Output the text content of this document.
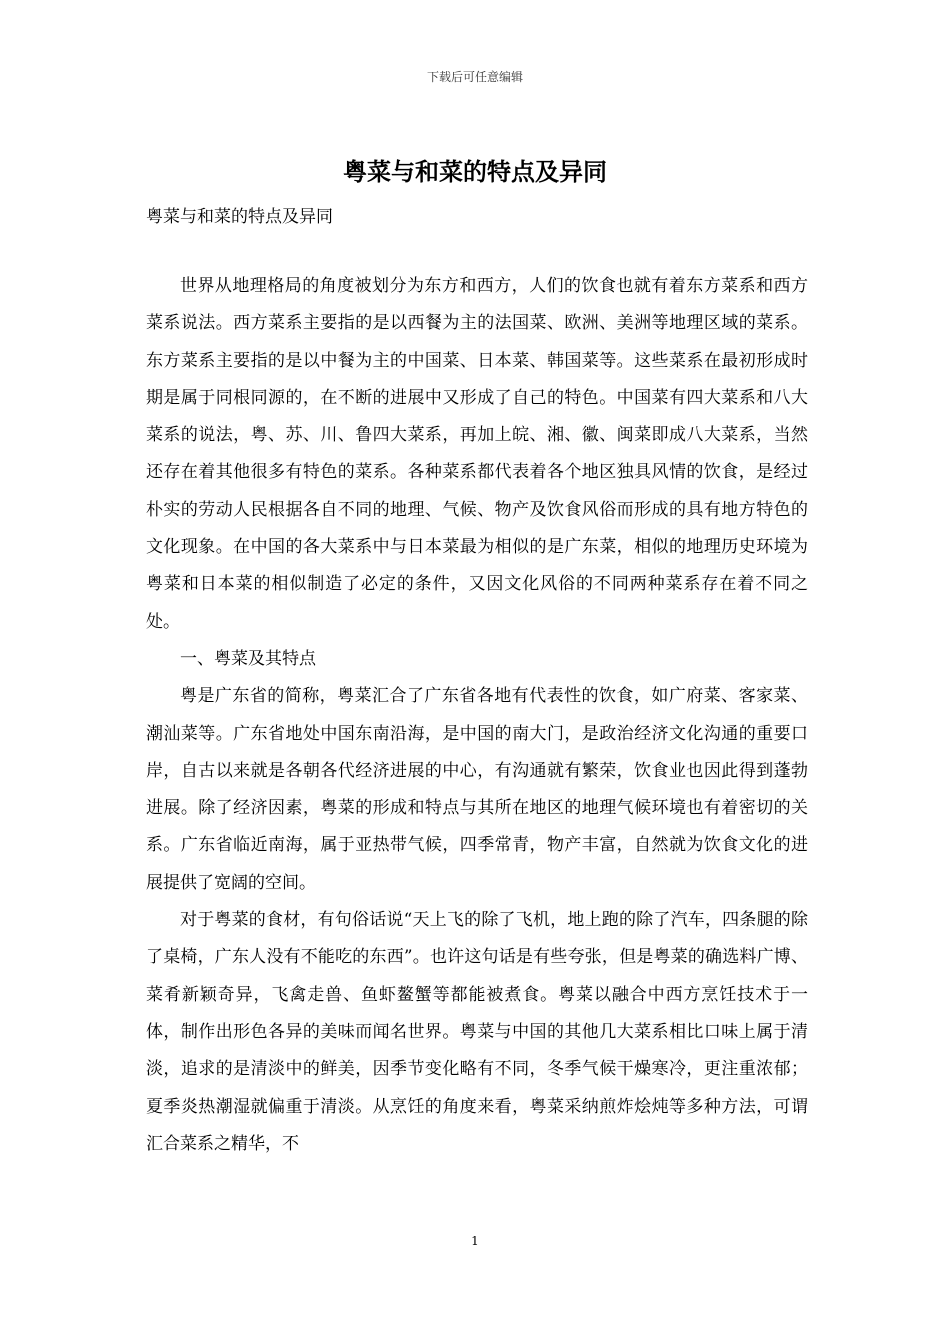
下载后可任意编辑
粤菜与和菜的特点及异同
粤菜与和菜的特点及异同

世界从地理格局的角度被划分为东方和西方，人们的饮食也就有着东方菜系和西方菜系说法。西方菜系主要指的是以西餐为主的法国菜、欧洲、美洲等地理区域的菜系。东方菜系主要指的是以中餐为主的中国菜、日本菜、韩国菜等。这些菜系在最初形成时期是属于同根同源的，在不断的进展中又形成了自己的特色。中国菜有四大菜系和八大菜系的说法，粤、苏、川、鲁四大菜系，再加上皖、湘、徽、闽菜即成八大菜系，当然还存在着其他很多有特色的菜系。各种菜系都代表着各个地区独具风情的饮食，是经过朴实的劳动人民根据各自不同的地理、气候、物产及饮食风俗而形成的具有地方特色的文化现象。在中国的各大菜系中与日本菜最为相似的是广东菜，相似的地理历史环境为粤菜和日本菜的相似制造了必定的条件，又因文化风俗的不同两种菜系存在着不同之处。

一、粤菜及其特点

粤是广东省的简称，粤菜汇合了广东省各地有代表性的饮食，如广府菜、客家菜、潮汕菜等。广东省地处中国东南沿海，是中国的南大门，是政治经济文化沟通的重要口岸，自古以来就是各朝各代经济进展的中心，有沟通就有繁荣，饮食业也因此得到蓬勃进展。除了经济因素，粤菜的形成和特点与其所在地区的地理气候环境也有着密切的关系。广东省临近南海，属于亚热带气候，四季常青，物产丰富，自然就为饮食文化的进展提供了宽阔的空间。

对于粤菜的食材，有句俗话说“天上飞的除了飞机，地上跑的除了汽车，四条腿的除了桌椅，广东人没有不能吃的东西”。也许这句话是有些夸张，但是粤菜的确选料广博、菜肴新颖奇异，飞禽走兽、鱼虾鳌蟹等都能被煮食。粤菜以融合中西方烹饪技术于一体，制作出形色各异的美味而闻名世界。粤菜与中国的其他几大菜系相比口味上属于清淡，追求的是清淡中的鲜美，因季节变化略有不同，冬季气候干燥寒冷，更注重浓郁；夏季炎热潮湿就偏重于清淡。从烹饪的角度来看，粤菜采纳煎炸烩炖等多种方法，可谓汇合菜系之精华，不

1
